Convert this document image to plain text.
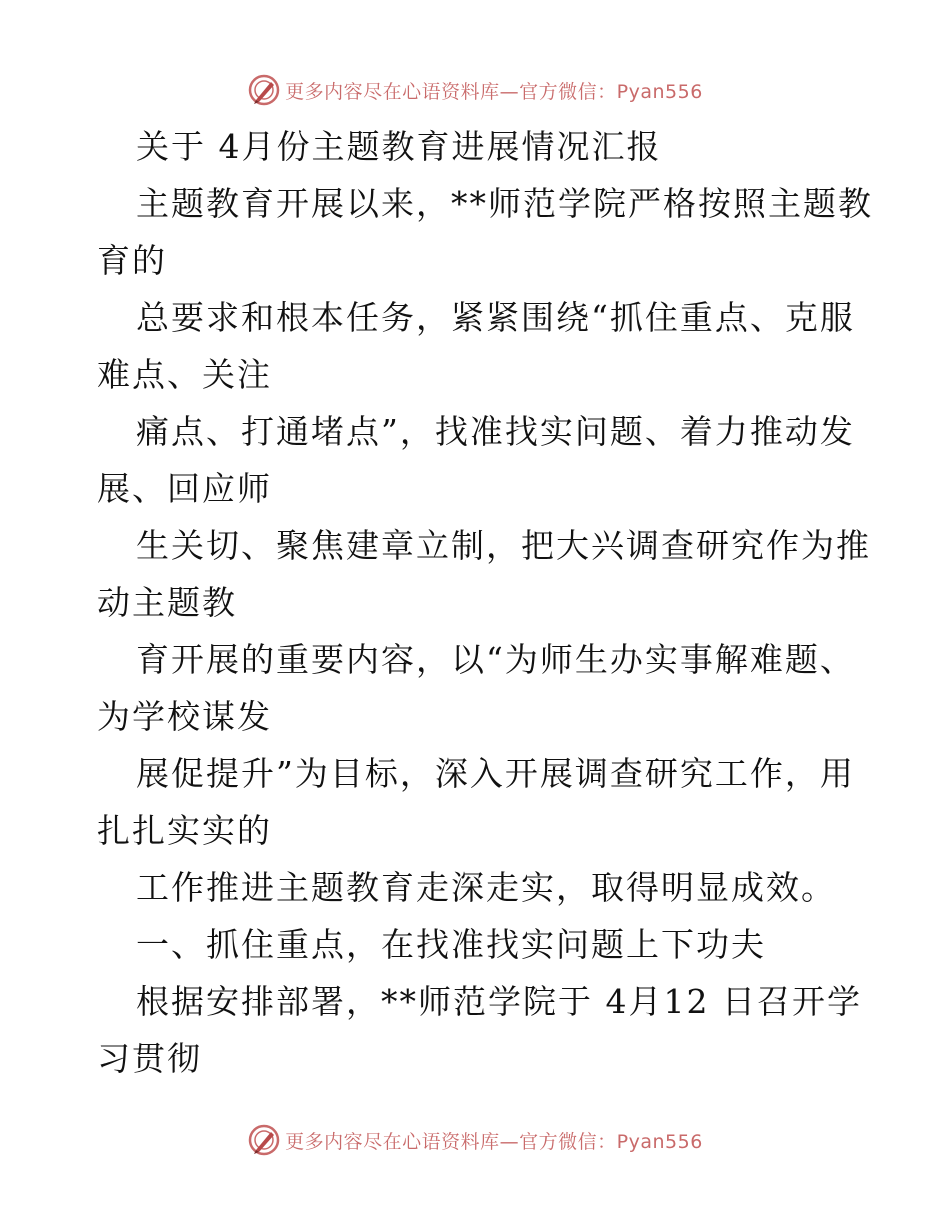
更多内容尽在心语资料库—官方微信：Pyan556
关于 4月份主题教育进展情况汇报
主题教育开展以来，**师范学院严格按照主题教
育的
总要求和根本任务，紧紧围绕“抓住重点、克服
难点、关注
痛点、打通堵点”，找准找实问题、着力推动发
展、回应师
生关切、聚焦建章立制，把大兴调查研究作为推
动主题教
育开展的重要内容，以“为师生办实事解难题、
为学校谋发
展促提升”为目标，深入开展调查研究工作，用
扎扎实实的
工作推进主题教育走深走实，取得明显成效。
一、抓住重点，在找准找实问题上下功夫
根据安排部署，**师范学院于 4月12 日召开学
习贯彻
更多内容尽在心语资料库—官方微信：Pyan556
